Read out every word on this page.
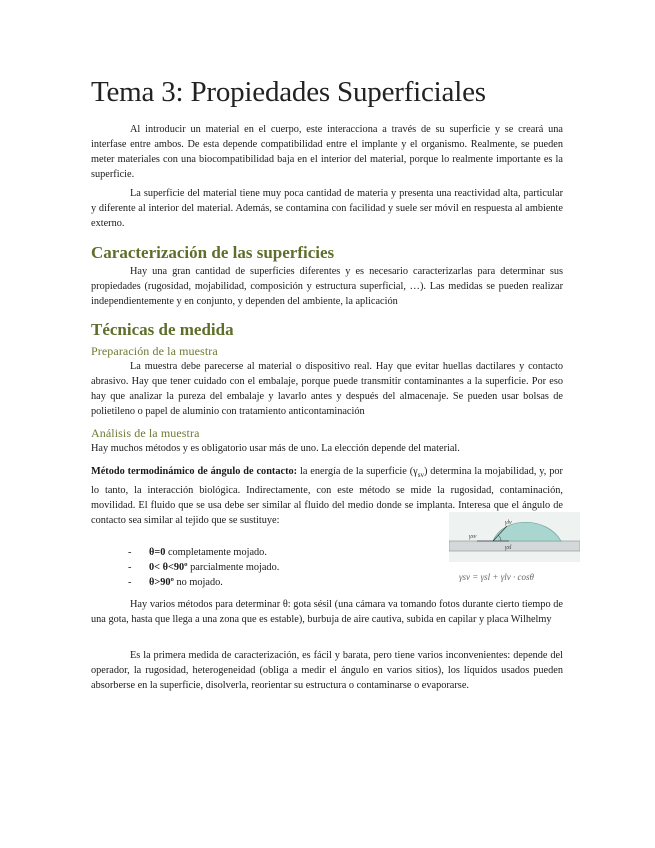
Tema 3: Propiedades Superficiales

Al introducir un material en el cuerpo, este interacciona a través de su superficie y se creará una interfase entre ambos. De esta depende compatibilidad entre el implante y el organismo. Realmente, se pueden meter materiales con una biocompatibilidad baja en el interior del material, porque lo realmente importante es la superficie.

La superficie del material tiene muy poca cantidad de materia y presenta una reactividad alta, particular y diferente al interior del material. Además, se contamina con facilidad y suele ser móvil en respuesta al ambiente externo.

Caracterización de las superficies

Hay una gran cantidad de superficies diferentes y es necesario caracterizarlas para determinar sus propiedades (rugosidad, mojabilidad, composición y estructura superficial, …). Las medidas se pueden realizar independientemente y en conjunto, y dependen del ambiente, la aplicación

Técnicas de medida
Preparación de la muestra

La muestra debe parecerse al material o dispositivo real. Hay que evitar huellas dactilares y contacto abrasivo. Hay que tener cuidado con el embalaje, porque puede transmitir contaminantes a la superficie. Por eso hay que analizar la pureza del embalaje y lavarlo antes y después del almacenaje. Se pueden usar bolsas de polietileno o papel de aluminio con tratamiento anticontaminación

Análisis de la muestra

Hay muchos métodos y es obligatorio usar más de uno. La elección depende del material.

Método termodinámico de ángulo de contacto: la energía de la superficie $(\gamma_{sv})$ determina la mojabilidad, y, por lo tanto, la interacción biológica. Indirectamente, con este método se mide la rugosidad, contaminación, movilidad. El fluido que se usa debe ser similar al fluido del medio donde se implanta. Interesa que el ángulo de contacto sea similar al tejido que se sustituye:

- θ=0 completamente mojado.
- 0< θ<90º parcialmente mojado.
- θ>90º no mojado.
γlv
γsv
γsl
γsv = γsl + γlv · cosθ

Hay varios métodos para determinar θ: gota sésil (una cámara va tomando fotos durante cierto tiempo de una gota, hasta que llega a una zona que es estable), burbuja de aire cautiva, subida en capilar y placa Wilhelmy

Es la primera medida de caracterización, es fácil y barata, pero tiene varios inconvenientes: depende del operador, la rugosidad, heterogeneidad (obliga a medir el ángulo en varios sitios), los líquidos usados pueden absorberse en la superficie, disolverla, reorientar su estructura o contaminarse o evaporarse.
